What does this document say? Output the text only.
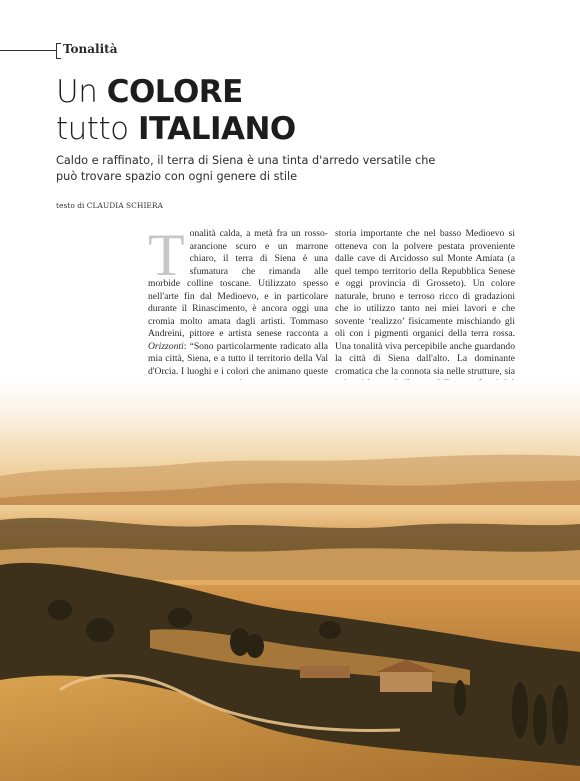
Tonalità
Un COLORE
tutto ITALIANO

Caldo e raffinato, il terra di Siena è una tinta d'arredo versatile che può trovare spazio con ogni genere di stile

testo di CLAUDIA SCHIERA

Tonalità calda, a metà fra un rosso-arancione scuro e un marrone chiaro, il terra di Siena è una sfumatura che rimanda alle morbide colline toscane. Utilizzato spesso nell'arte fin dal Medioevo, e in particolare durante il Rinascimento, è ancora oggi una cromia molto amata dagli artisti. Tommaso Andreini, pittore e artista senese racconta a Orizzonti: “Sono particolarmente radicato alla mia città, Siena, e a tutto il territorio della Val d'Orcia. I luoghi e i colori che animano queste

storia importante che nel basso Medioevo si otteneva con la polvere pestata proveniente dalle cave di Arcidosso sul Monte Amiata (a quel tempo territorio della Repubblica Senese e oggi provincia di Grosseto). Un colore naturale, bruno e terroso ricco di gradazioni che io utilizzo tanto nei miei lavori e che sovente ‘realizzo’ fisicamente mischiando gli oli con i pigmenti organici della terra rossa. Una tonalità viva percepibile anche guardando la città di Siena dall'alto. La dominante cromatica che la connota sia nelle strutture, sia
